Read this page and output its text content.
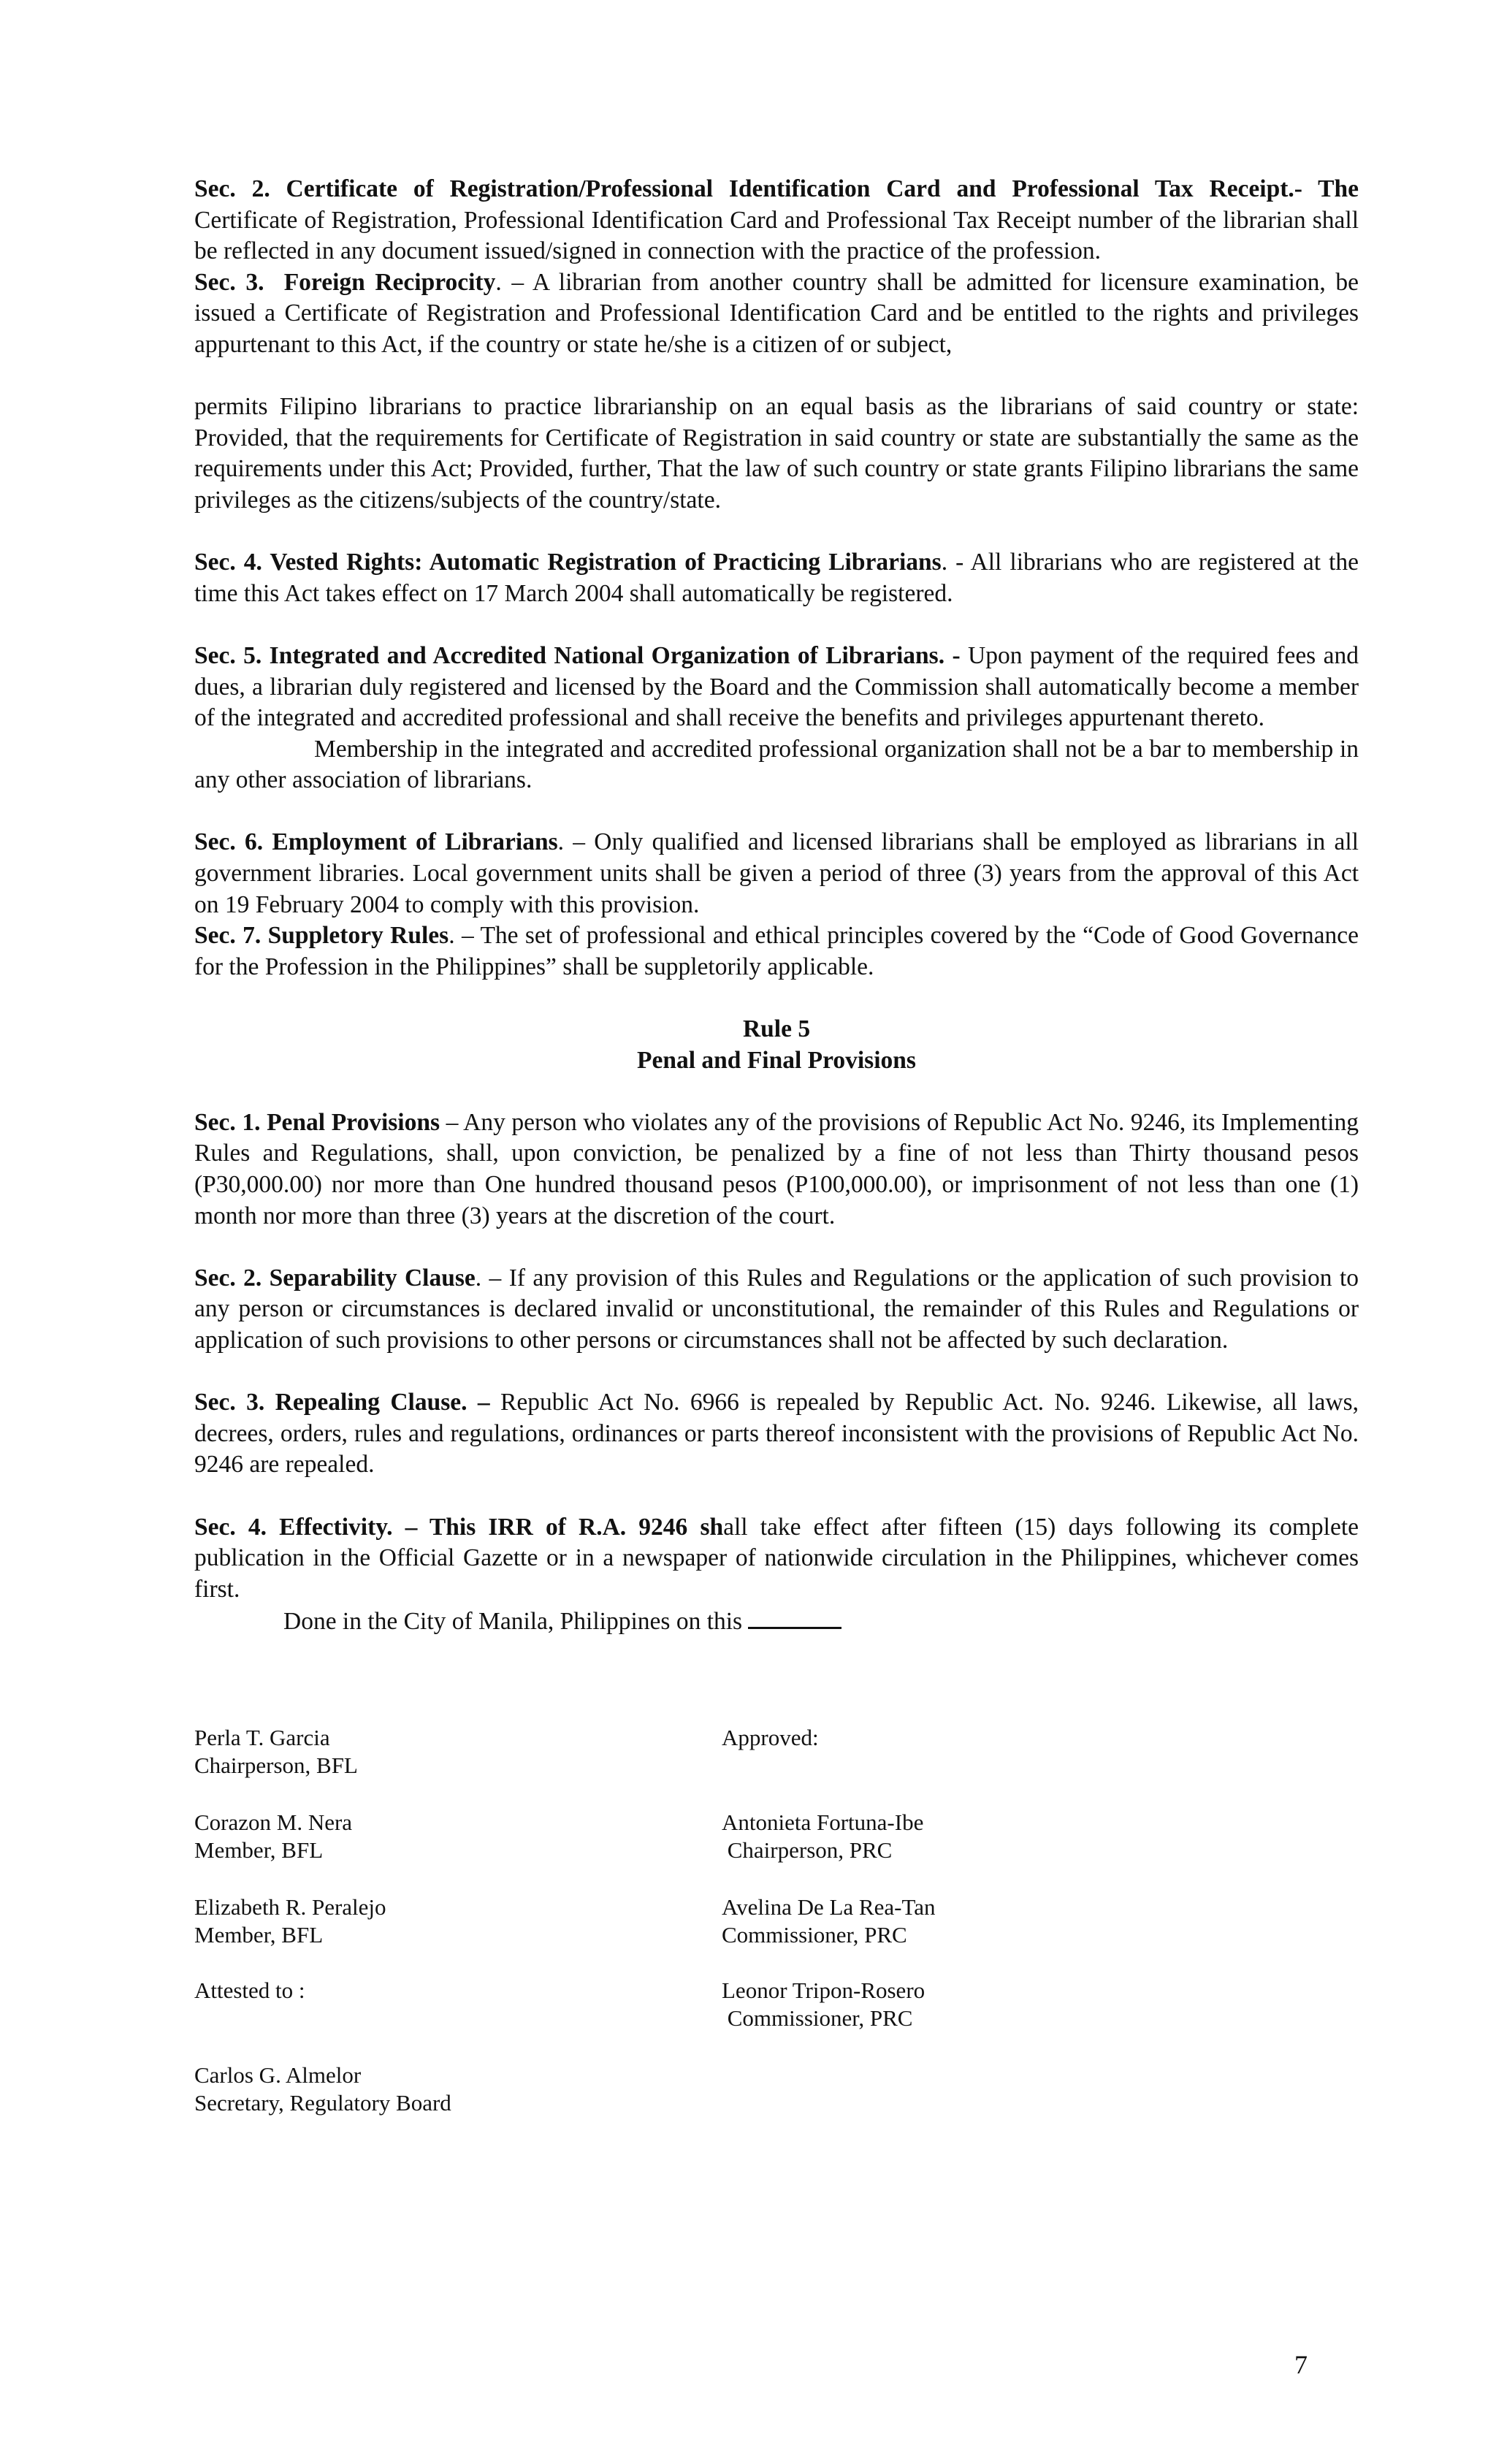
Sec. 2. Certificate of Registration/Professional Identification Card and Professional Tax Receipt.- The Certificate of Registration, Professional Identification Card and Professional Tax Receipt number of the librarian shall be reflected in any document issued/signed in connection with the practice of the profession.

Sec. 3. Foreign Reciprocity. – A librarian from another country shall be admitted for licensure examination, be issued a Certificate of Registration and Professional Identification Card and be entitled to the rights and privileges appurtenant to this Act, if the country or state he/she is a citizen of or subject,

permits Filipino librarians to practice librarianship on an equal basis as the librarians of said country or state: Provided, that the requirements for Certificate of Registration in said country or state are substantially the same as the requirements under this Act; Provided, further, That the law of such country or state grants Filipino librarians the same privileges as the citizens/subjects of the country/state.

Sec. 4. Vested Rights: Automatic Registration of Practicing Librarians. - All librarians who are registered at the time this Act takes effect on 17 March 2004 shall automatically be registered.

Sec. 5. Integrated and Accredited National Organization of Librarians. - Upon payment of the required fees and dues, a librarian duly registered and licensed by the Board and the Commission shall automatically become a member of the integrated and accredited professional and shall receive the benefits and privileges appurtenant thereto.

Membership in the integrated and accredited professional organization shall not be a bar to membership in any other association of librarians.

Sec. 6. Employment of Librarians. – Only qualified and licensed librarians shall be employed as librarians in all government libraries. Local government units shall be given a period of three (3) years from the approval of this Act on 19 February 2004 to comply with this provision.

Sec. 7. Suppletory Rules. – The set of professional and ethical principles covered by the “Code of Good Governance for the Profession in the Philippines” shall be suppletorily applicable.

Rule 5

Penal and Final Provisions

Sec. 1. Penal Provisions – Any person who violates any of the provisions of Republic Act No. 9246, its Implementing Rules and Regulations, shall, upon conviction, be penalized by a fine of not less than Thirty thousand pesos (P30,000.00) nor more than One hundred thousand pesos (P100,000.00), or imprisonment of not less than one (1) month nor more than three (3) years at the discretion of the court.

Sec. 2. Separability Clause. – If any provision of this Rules and Regulations or the application of such provision to any person or circumstances is declared invalid or unconstitutional, the remainder of this Rules and Regulations or application of such provisions to other persons or circumstances shall not be affected by such declaration.

Sec. 3. Repealing Clause. – Republic Act No. 6966 is repealed by Republic Act. No. 9246. Likewise, all laws, decrees, orders, rules and regulations, ordinances or parts thereof inconsistent with the provisions of Republic Act No. 9246 are repealed.

Sec. 4. Effectivity. – This IRR of R.A. 9246 shall take effect after fifteen (15) days following its complete publication in the Official Gazette or in a newspaper of nationwide circulation in the Philippines, whichever comes first.

Done in the City of Manila, Philippines on this

Perla T. Garcia
Chairperson, BFL
Corazon M. Nera
Member, BFL
Elizabeth R. Peralejo
Member, BFL
Attested to :
Carlos G. Almelor
Secretary, Regulatory Board
Approved:
Antonieta Fortuna-Ibe
Chairperson, PRC
Avelina De La Rea-Tan
Commissioner, PRC
Leonor Tripon-Rosero
Commissioner, PRC
7
